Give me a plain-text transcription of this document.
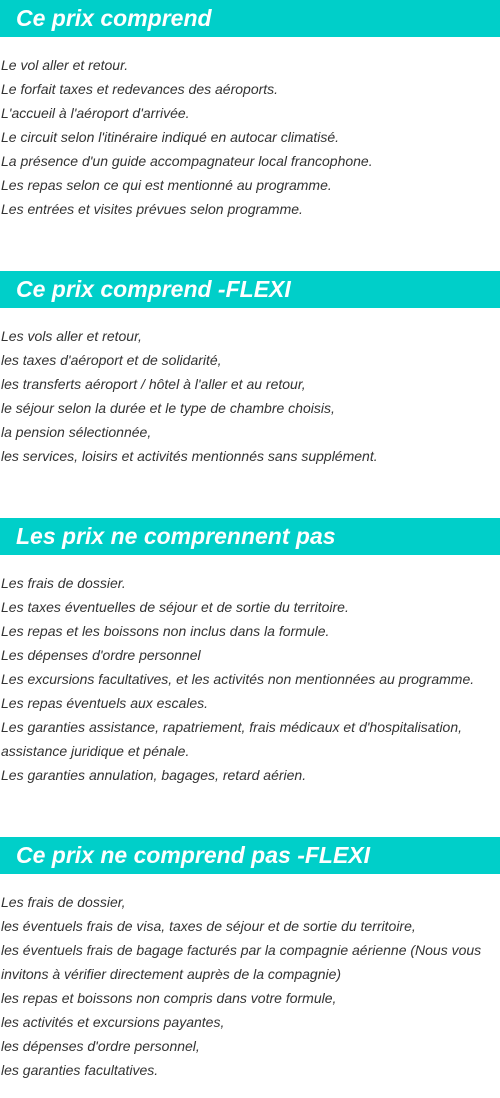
Ce prix comprend
Le vol aller et retour.
Le forfait taxes et redevances des aéroports.
L'accueil à l'aéroport d'arrivée.
Le circuit selon l'itinéraire indiqué en autocar climatisé.
La présence d'un guide accompagnateur local francophone.
Les repas selon ce qui est mentionné au programme.
Les entrées et visites prévues selon programme.
Ce prix comprend -FLEXI
Les vols aller et retour,
les taxes d'aéroport et de solidarité,
les transferts aéroport / hôtel à l'aller et au retour,
le séjour selon la durée et le type de chambre choisis,
la pension sélectionnée,
les services, loisirs et activités mentionnés sans supplément.
Les prix ne comprennent pas
Les frais de dossier.
Les taxes éventuelles de séjour et de sortie du territoire.
Les repas et les boissons non inclus dans la formule.
Les dépenses d'ordre personnel
Les excursions facultatives, et les activités non mentionnées au programme.
Les repas éventuels aux escales.
Les garanties assistance, rapatriement, frais médicaux et d'hospitalisation, assistance juridique et pénale.
Les garanties annulation, bagages, retard aérien.
Ce prix ne comprend pas -FLEXI
Les frais de dossier,
les éventuels frais de visa, taxes de séjour et de sortie du territoire,
les éventuels frais de bagage facturés par la compagnie aérienne (Nous vous invitons à vérifier directement auprès de la compagnie)
les repas et boissons non compris dans votre formule,
les activités et excursions payantes,
les dépenses d'ordre personnel,
les garanties facultatives.
